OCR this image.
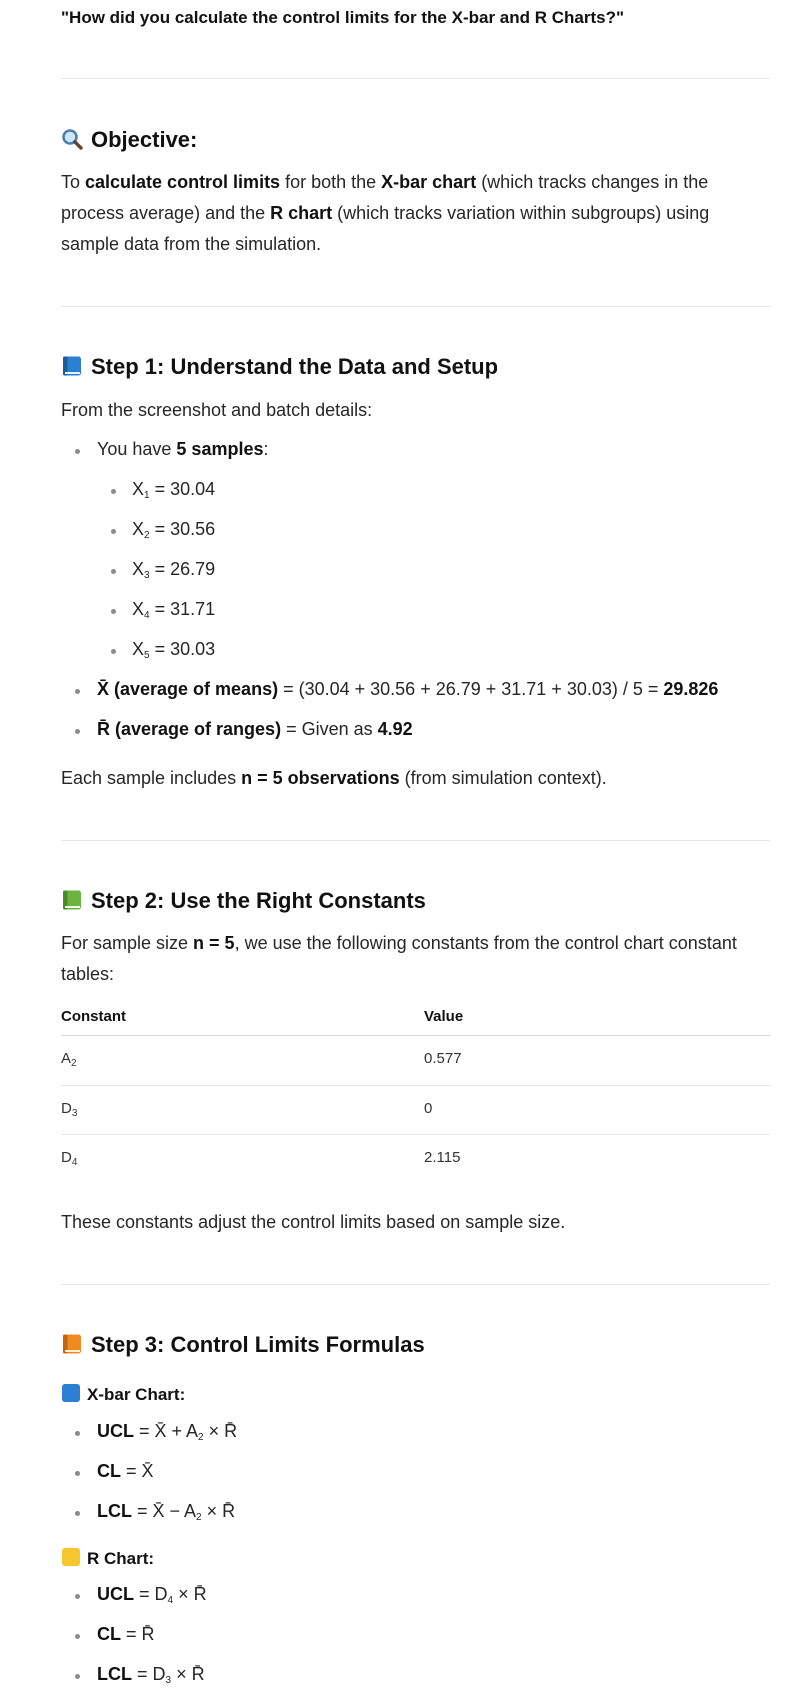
"How did you calculate the control limits for the X-bar and R Charts?"
Objective:
To calculate control limits for both the X-bar chart (which tracks changes in the process average) and the R chart (which tracks variation within subgroups) using sample data from the simulation.
Step 1: Understand the Data and Setup
From the screenshot and batch details:
You have 5 samples:
$X_1 = 30.04$
$X_2 = 30.56$
$X_3 = 26.79$
$X_4 = 31.71$
$X_5 = 30.03$
X̄ (average of means) = (30.04 + 30.56 + 26.79 + 31.71 + 30.03) / 5 = 29.826
R̄ (average of ranges) = Given as 4.92
Each sample includes n = 5 observations (from simulation context).
Step 2: Use the Right Constants
For sample size n = 5, we use the following constants from the control chart constant tables:
Constant	Value
$A_2$	0.577
$D_3$	0
$D_4$	2.115
These constants adjust the control limits based on sample size.
Step 3: Control Limits Formulas
X-bar Chart:
UCL = X̄ + $A_2$ × R̄
CL = X̄
LCL = X̄ − $A_2$ × R̄
R Chart:
UCL = $D_4$ × R̄
CL = R̄
LCL = $D_3$ × R̄
